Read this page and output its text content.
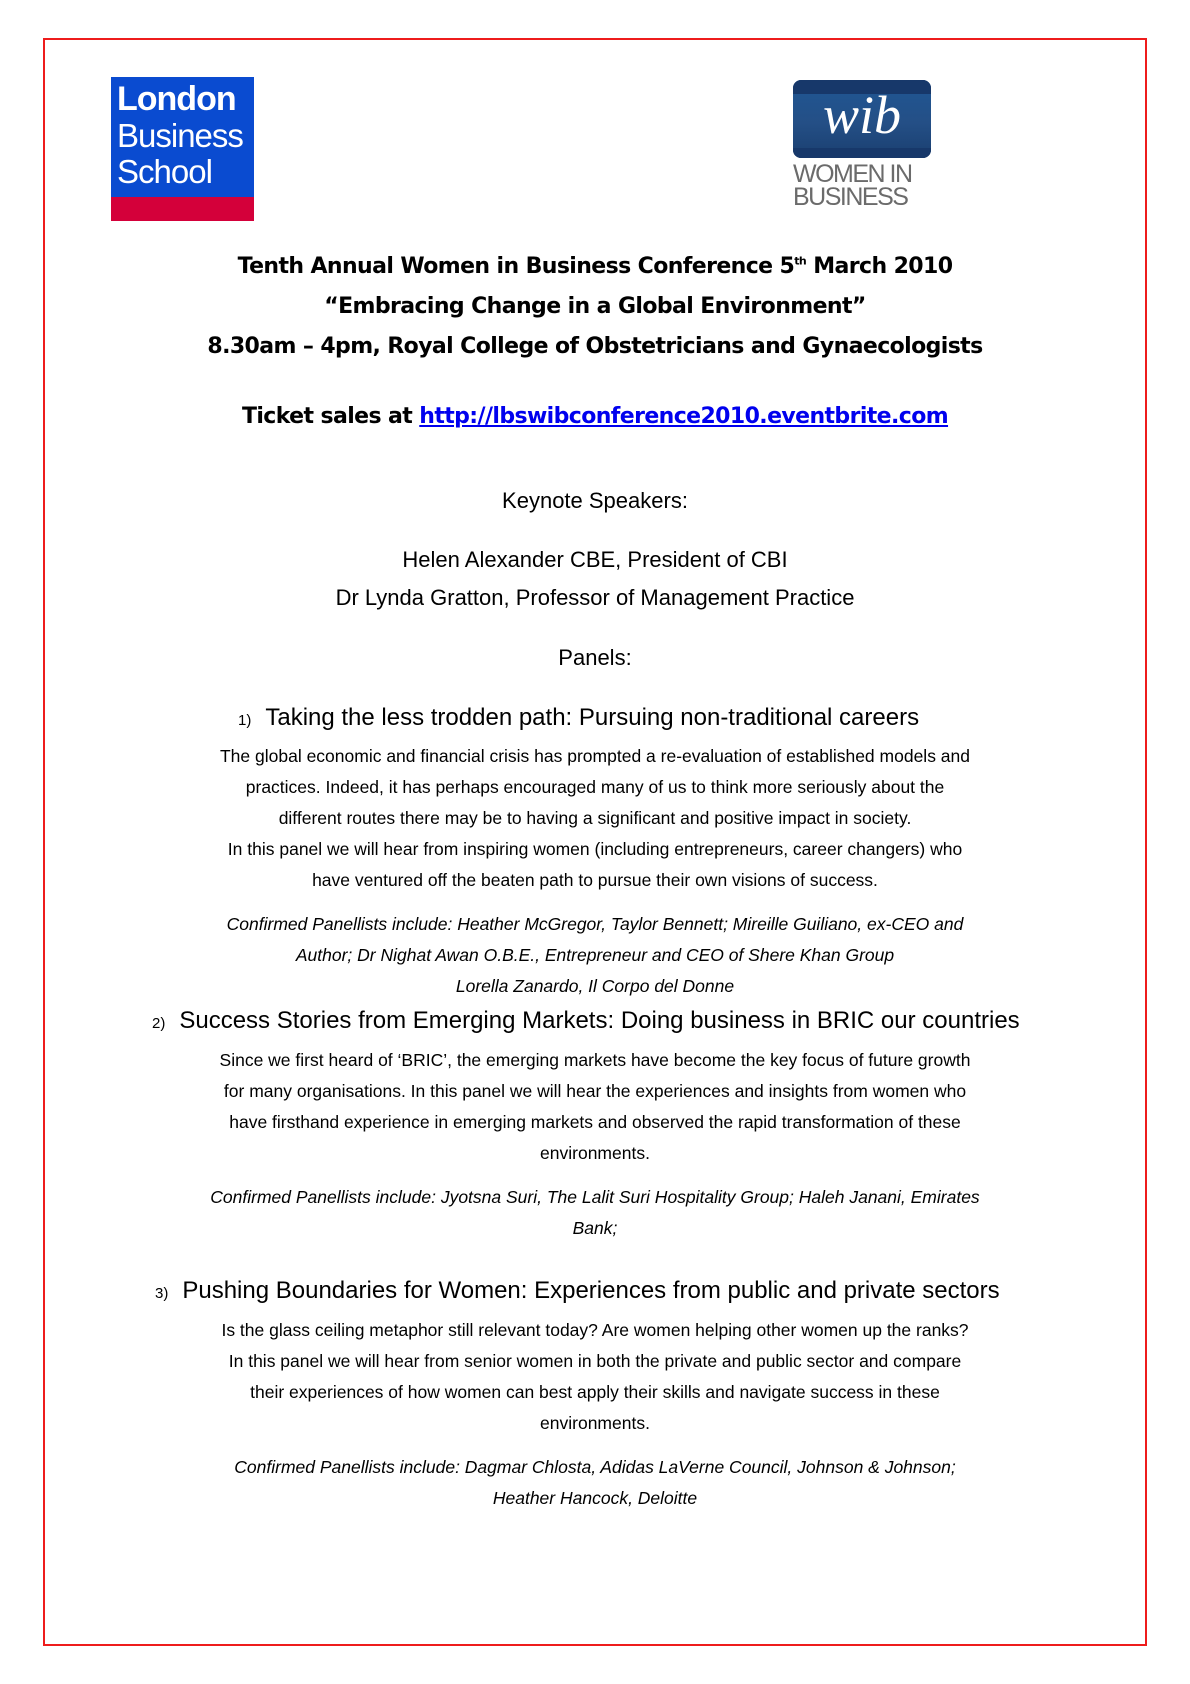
London
Business
School
wib
WOMEN IN
BUSINESS
Tenth Annual Women in Business Conference 5th March 2010
“Embracing Change in a Global Environment”
8.30am – 4pm, Royal College of Obstetricians and Gynaecologists
Ticket sales at http://lbswibconference2010.eventbrite.com
Keynote Speakers:
Helen Alexander CBE, President of CBI
Dr Lynda Gratton, Professor of Management Practice
Panels:
1) Taking the less trodden path: Pursuing non-traditional careers
The global economic and financial crisis has prompted a re-evaluation of established models and
practices. Indeed, it has perhaps encouraged many of us to think more seriously about the
different routes there may be to having a significant and positive impact in society.
In this panel we will hear from inspiring women (including entrepreneurs, career changers) who
have ventured off the beaten path to pursue their own visions of success.
Confirmed Panellists include: Heather McGregor, Taylor Bennett; Mireille Guiliano, ex-CEO and
Author; Dr Nighat Awan O.B.E., Entrepreneur and CEO of Shere Khan Group
Lorella Zanardo, Il Corpo del Donne
2) Success Stories from Emerging Markets: Doing business in BRIC our countries
Since we first heard of ‘BRIC’, the emerging markets have become the key focus of future growth
for many organisations. In this panel we will hear the experiences and insights from women who
have firsthand experience in emerging markets and observed the rapid transformation of these
environments.
Confirmed Panellists include: Jyotsna Suri, The Lalit Suri Hospitality Group; Haleh Janani, Emirates
Bank;
3) Pushing Boundaries for Women: Experiences from public and private sectors
Is the glass ceiling metaphor still relevant today? Are women helping other women up the ranks?
In this panel we will hear from senior women in both the private and public sector and compare
their experiences of how women can best apply their skills and navigate success in these
environments.
Confirmed Panellists include: Dagmar Chlosta, Adidas LaVerne Council, Johnson & Johnson;
Heather Hancock, Deloitte
